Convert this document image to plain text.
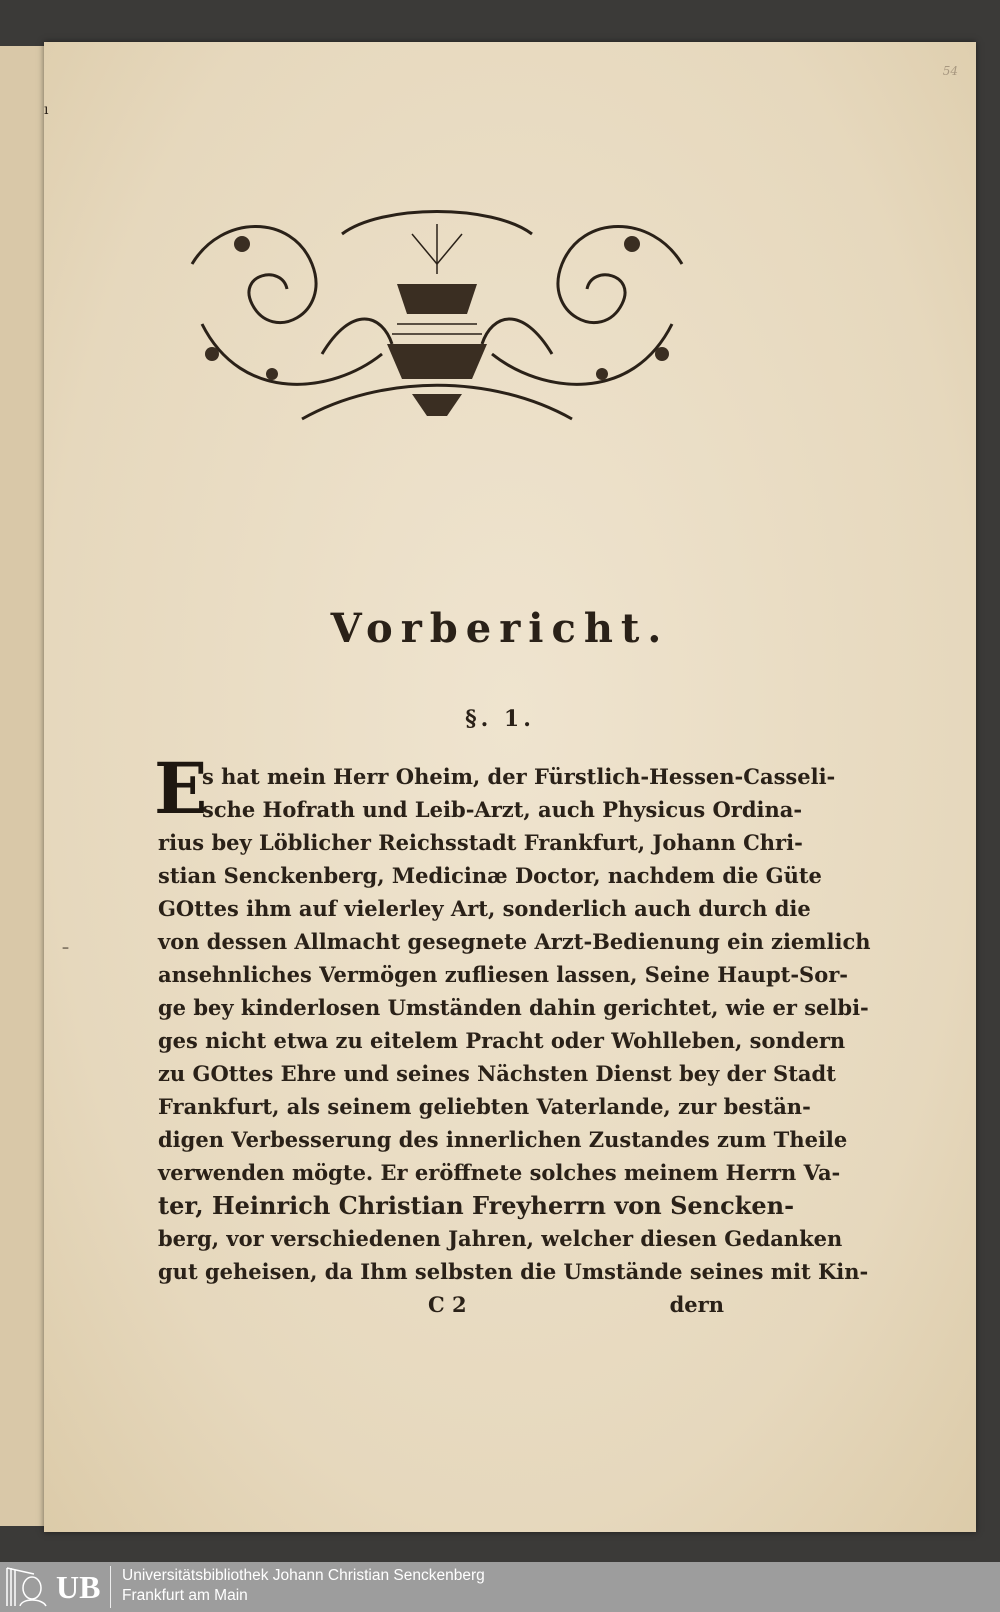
54
Vorbericht.
§. 1.
E
s hat mein Herr Oheim, der Fürstlich-Hessen-Casseli-
sche Hofrath und Leib-Arzt, auch Physicus Ordina-
rius bey Löblicher Reichsstadt Frankfurt, Johann Chri-
stian Senckenberg, Medicinæ Doctor, nachdem die Güte
GOttes ihm auf vielerley Art, sonderlich auch durch die
von dessen Allmacht gesegnete Arzt-Bedienung ein ziemlich
ansehnliches Vermögen zufliesen lassen, Seine Haupt-Sor-
ge bey kinderlosen Umständen dahin gerichtet, wie er selbi-
ges nicht etwa zu eitelem Pracht oder Wohlleben, sondern
zu GOttes Ehre und seines Nächsten Dienst bey der Stadt
Frankfurt, als seinem geliebten Vaterlande, zur bestän-
digen Verbesserung des innerlichen Zustandes zum Theile
verwenden mögte. Er eröffnete solches meinem Herrn Va-
ter, Heinrich Christian Freyherrn von Sencken-
berg, vor verschiedenen Jahren, welcher diesen Gedanken
gut geheisen, da Ihm selbsten die Umstände seines mit Kin-
C 2	dern
ı
–
UB Universitätsbibliothek Johann Christian Senckenberg
Frankfurt am Main
